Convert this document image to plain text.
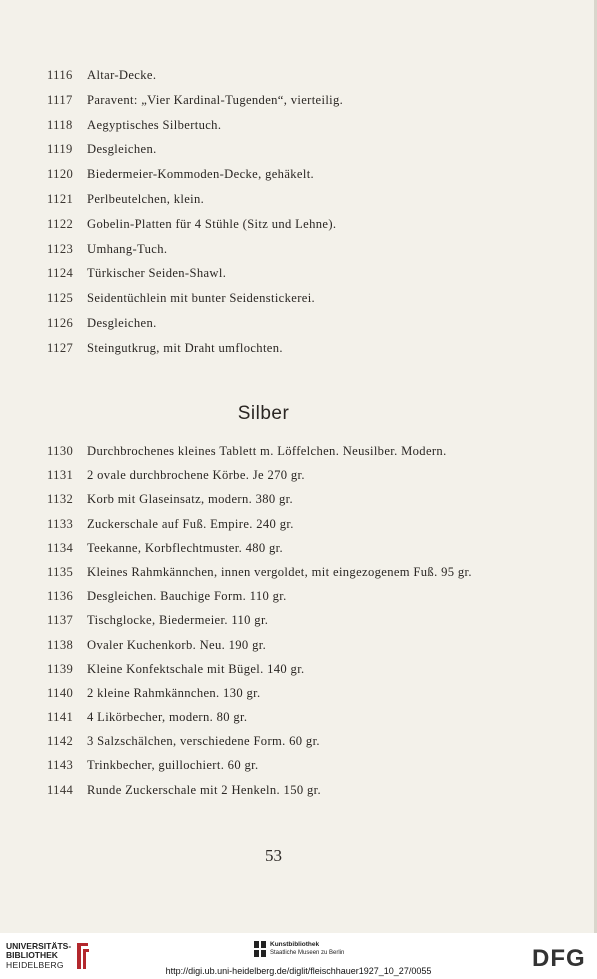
1116	Altar-Decke.
1117	Paravent: „Vier Kardinal-Tugenden“, vierteilig.
1118	Aegyptisches Silbertuch.
1119	Desgleichen.
1120	Biedermeier-Kommoden-Decke, gehäkelt.
1121	Perlbeutelchen, klein.
1122	Gobelin-Platten für 4 Stühle (Sitz und Lehne).
1123	Umhang-Tuch.
1124	Türkischer Seiden-Shawl.
1125	Seidentüchlein mit bunter Seidenstickerei.
1126	Desgleichen.
1127	Steingutkrug, mit Draht umflochten.
Silber
1130	Durchbrochenes kleines Tablett m. Löffelchen. Neusilber. Modern.
1131	2 ovale durchbrochene Körbe. Je 270 gr.
1132	Korb mit Glaseinsatz, modern. 380 gr.
1133	Zuckerschale auf Fuß. Empire. 240 gr.
1134	Teekanne, Korbflechtmuster. 480 gr.
1135	Kleines Rahmkännchen, innen vergoldet, mit eingezogenem Fuß. 95 gr.
1136	Desgleichen. Bauchige Form. 110 gr.
1137	Tischglocke, Biedermeier. 110 gr.
1138	Ovaler Kuchenkorb. Neu. 190 gr.
1139	Kleine Konfektschale mit Bügel. 140 gr.
1140	2 kleine Rahmkännchen. 130 gr.
1141	4 Likörbecher, modern. 80 gr.
1142	3 Salzschälchen, verschiedene Form. 60 gr.
1143	Trinkbecher, guillochiert. 60 gr.
1144	Runde Zuckerschale mit 2 Henkeln. 150 gr.
53
UNIVERSITÄTS-
BIBLIOTHEK
HEIDELBERG
Kunstbibliothek
Staatliche Museen zu Berlin	DFG
http://digi.ub.uni-heidelberg.de/diglit/fleischhauer1927_10_27/0055
